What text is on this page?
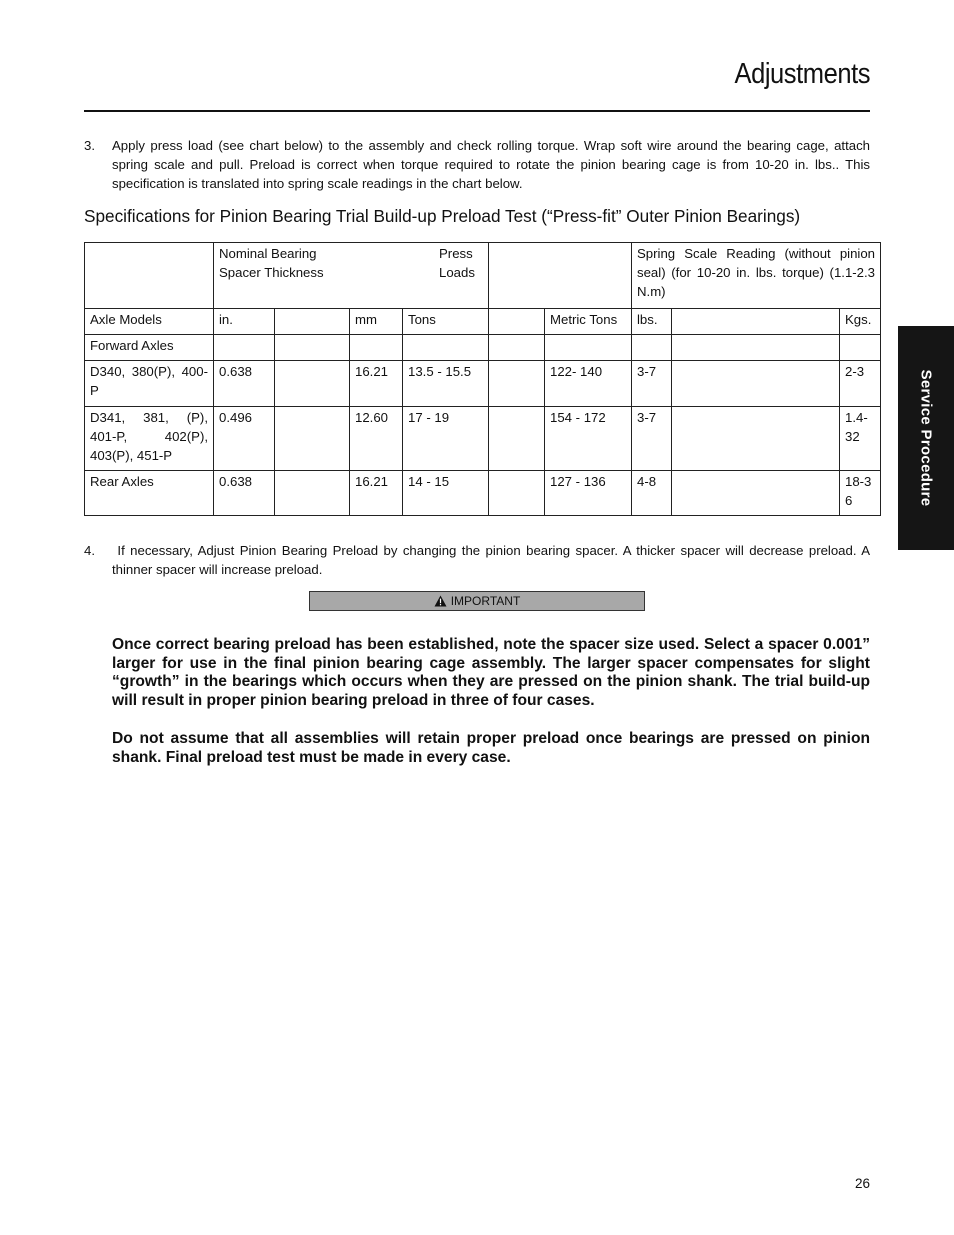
Adjustments
3. Apply press load (see chart below) to the assembly and check rolling torque. Wrap soft wire around the bearing cage, attach spring scale and pull. Preload is correct when torque required to rotate the pinion bearing cage is from 10-20 in. lbs.. This specification is translated into spring scale readings in the chart below.
Specifications for Pinion Bearing Trial Build-up Preload Test (“Press-fit” Outer Pinion Bearings)

	Nominal Bearing Spacer Thickness				Press Loads		Spring Scale Reading (without pinion seal) (for 10-20 in. lbs. torque) (1.1-2.3 N.m)		
Axle Models	in.		mm	Tons		Metric Tons	lbs.		Kgs.
Forward Axles									
D340, 380(P), 400-P	0.638		16.21	13.5 - 15.5		122- 140	3-7		2-3
D341, 381, (P), 401-P, 402(P), 403(P), 451-P	0.496		12.60	17 - 19		154 - 172	3-7		1.4-32
Rear Axles	0.638		16.21	14 - 15		127 - 136	4-8		18-36
4. If necessary, Adjust Pinion Bearing Preload by changing the pinion bearing spacer. A thicker spacer will decrease preload. A thinner spacer will increase preload.
IMPORTANT
Once correct bearing preload has been established, note the spacer size used. Select a spacer 0.001” larger for use in the final pinion bearing cage assembly. The larger spacer compensates for slight “growth” in the bearings which occurs when they are pressed on the pinion shank. The trial build-up will result in proper pinion bearing preload in three of four cases.
Do not assume that all assemblies will retain proper preload once bearings are pressed on pinion shank. Final preload test must be made in every case.
Service Procedure
26
